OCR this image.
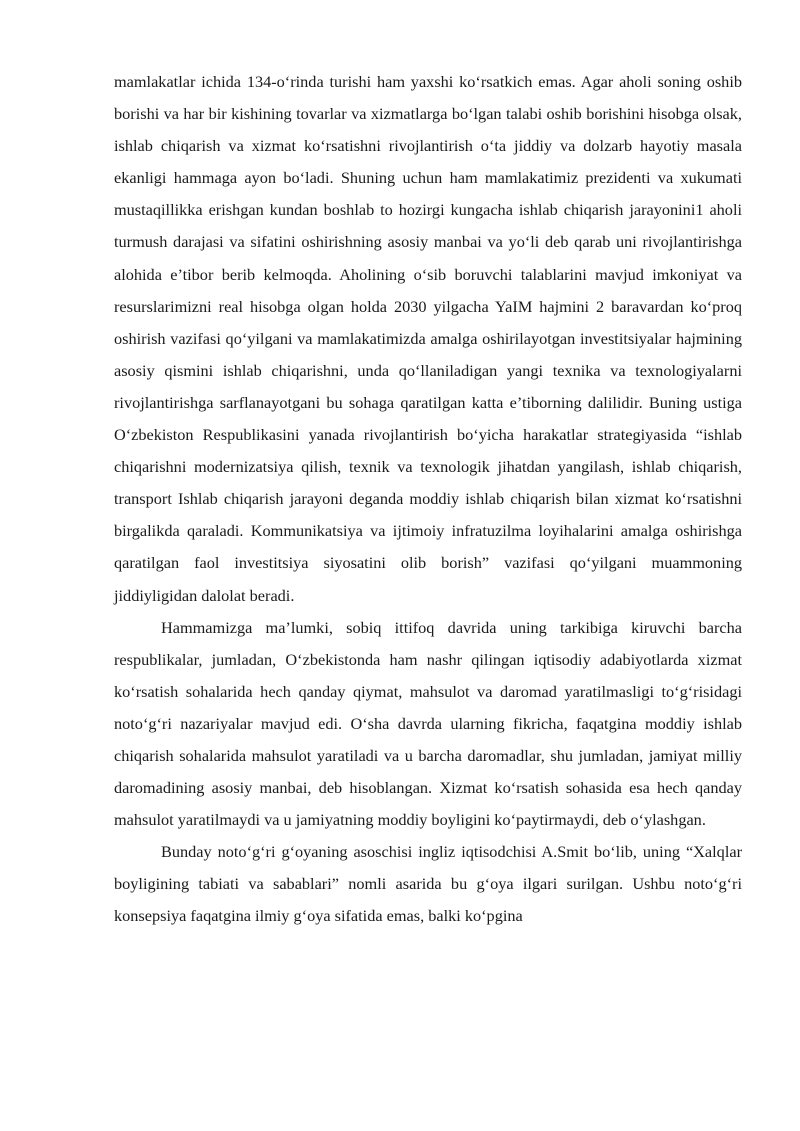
mamlakatlar ichida 134-o‘rinda turishi ham yaxshi ko‘rsatkich emas. Agar aholi soning oshib borishi va har bir kishining tovarlar va xizmatlarga bo‘lgan talabi oshib borishini hisobga olsak, ishlab chiqarish va xizmat ko‘rsatishni rivojlantirish o‘ta jiddiy va dolzarb hayotiy masala ekanligi hammaga ayon bo‘ladi. Shuning uchun ham mamlakatimiz prezidenti va xukumati mustaqillikka erishgan kundan boshlab to hozirgi kungacha ishlab chiqarish jarayonini1 aholi turmush darajasi va sifatini oshirishning asosiy manbai va yo‘li deb qarab uni rivojlantirishga alohida e’tibor berib kelmoqda. Aholining o‘sib boruvchi talablarini mavjud imkoniyat va resurslarimizni real hisobga olgan holda 2030 yilgacha YaIM hajmini 2 baravardan ko‘proq oshirish vazifasi qo‘yilgani va mamlakatimizda amalga oshirilayotgan investitsiyalar hajmining asosiy qismini ishlab chiqarishni, unda qo‘llaniladigan yangi texnika va texnologiyalarni rivojlantirishga sarflanayotgani bu sohaga qaratilgan katta e’tiborning dalilidir. Buning ustiga O‘zbekiston Respublikasini yanada rivojlantirish bo‘yicha harakatlar strategiyasida “ishlab chiqarishni modernizatsiya qilish, texnik va texnologik jihatdan yangilash, ishlab chiqarish, transport Ishlab chiqarish jarayoni deganda moddiy ishlab chiqarish bilan xizmat ko‘rsatishni birgalikda qaraladi. Kommunikatsiya va ijtimoiy infratuzilma loyihalarini amalga oshirishga qaratilgan faol investitsiya siyosatini olib borish” vazifasi qo‘yilgani muammoning jiddiyligidan dalolat beradi.

Hammamizga ma’lumki, sobiq ittifoq davrida uning tarkibiga kiruvchi barcha respublikalar, jumladan, O‘zbekistonda ham nashr qilingan iqtisodiy adabiyotlarda xizmat ko‘rsatish sohalarida hech qanday qiymat, mahsulot va daromad yaratilmasligi to‘g‘risidagi noto‘g‘ri nazariyalar mavjud edi. O‘sha davrda ularning fikricha, faqatgina moddiy ishlab chiqarish sohalarida mahsulot yaratiladi va u barcha daromadlar, shu jumladan, jamiyat milliy daromadining asosiy manbai, deb hisoblangan. Xizmat ko‘rsatish sohasida esa hech qanday mahsulot yaratilmaydi va u jamiyatning moddiy boyligini ko‘paytirmaydi, deb o‘ylashgan.

Bunday noto‘g‘ri g‘oyaning asoschisi ingliz iqtisodchisi A.Smit bo‘lib, uning “Xalqlar boyligining tabiati va sabablari” nomli asarida bu g‘oya ilgari surilgan. Ushbu noto‘g‘ri konsepsiya faqatgina ilmiy g‘oya sifatida emas, balki ko‘pgina
